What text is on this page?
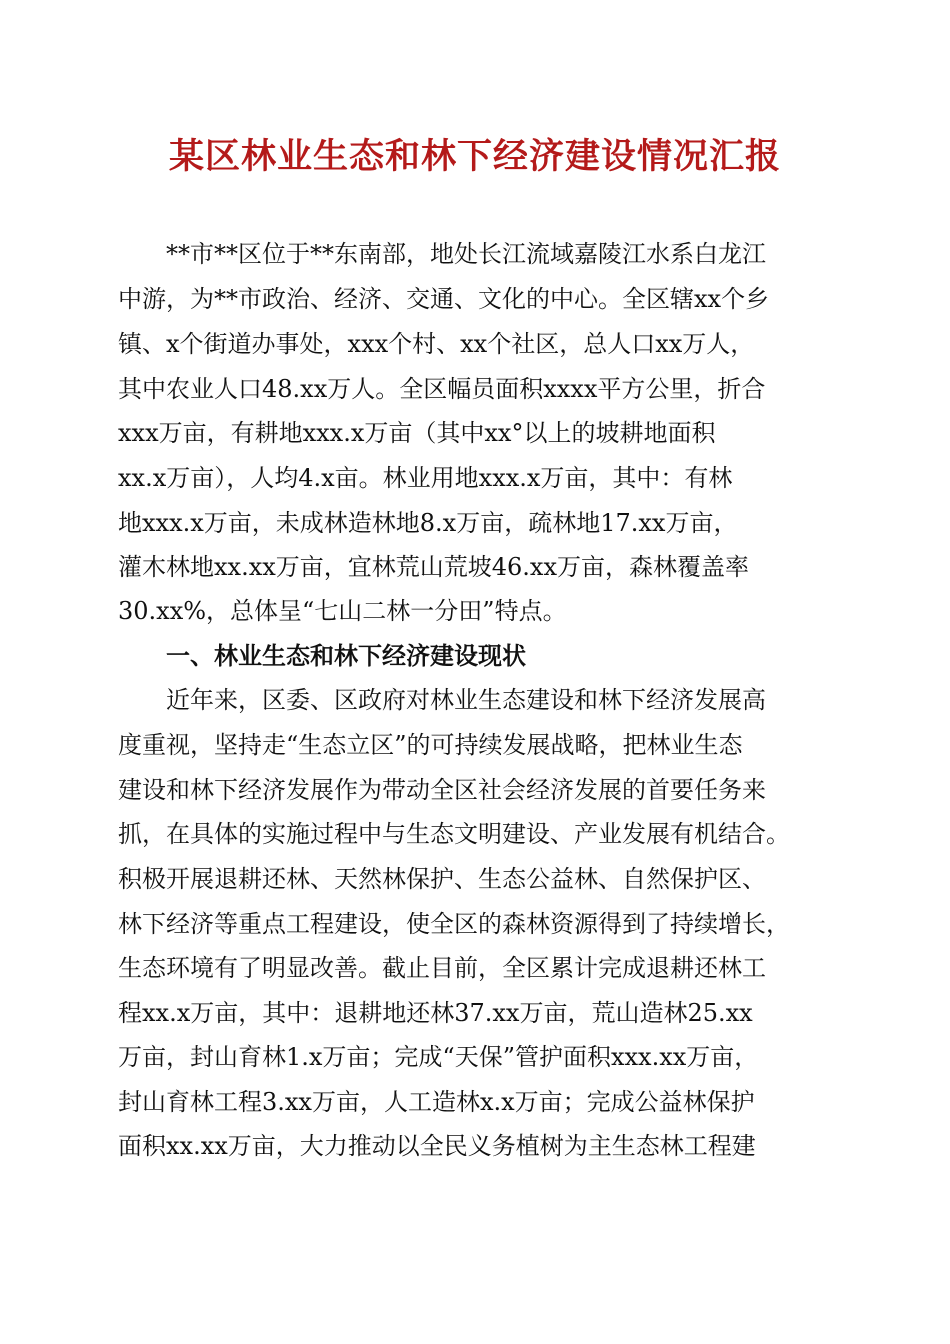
某区林业生态和林下经济建设情况汇报
**市**区位于**东南部，地处长江流域嘉陵江水系白龙江
中游，为**市政治、经济、交通、文化的中心。全区辖xx个乡
镇、x个街道办事处，xxx个村、xx个社区，总人口xx万人，
其中农业人口48.xx万人。全区幅员面积xxxx平方公里，折合
xxx万亩，有耕地xxx.x万亩（其中xx°以上的坡耕地面积
xx.x万亩），人均4.x亩。林业用地xxx.x万亩，其中：有林
地xxx.x万亩，未成林造林地8.x万亩，疏林地17.xx万亩，
灌木林地xx.xx万亩，宜林荒山荒坡46.xx万亩，森林覆盖率
30.xx%，总体呈“七山二林一分田”特点。
一、林业生态和林下经济建设现状
近年来，区委、区政府对林业生态建设和林下经济发展高
度重视，坚持走“生态立区”的可持续发展战略，把林业生态
建设和林下经济发展作为带动全区社会经济发展的首要任务来
抓，在具体的实施过程中与生态文明建设、产业发展有机结合。
积极开展退耕还林、天然林保护、生态公益林、自然保护区、
林下经济等重点工程建设，使全区的森林资源得到了持续增长，
生态环境有了明显改善。截止目前，全区累计完成退耕还林工
程xx.x万亩，其中：退耕地还林37.xx万亩，荒山造林25.xx
万亩，封山育林1.x万亩；完成“天保”管护面积xxx.xx万亩，
封山育林工程3.xx万亩，人工造林x.x万亩；完成公益林保护
面积xx.xx万亩，大力推动以全民义务植树为主生态林工程建
